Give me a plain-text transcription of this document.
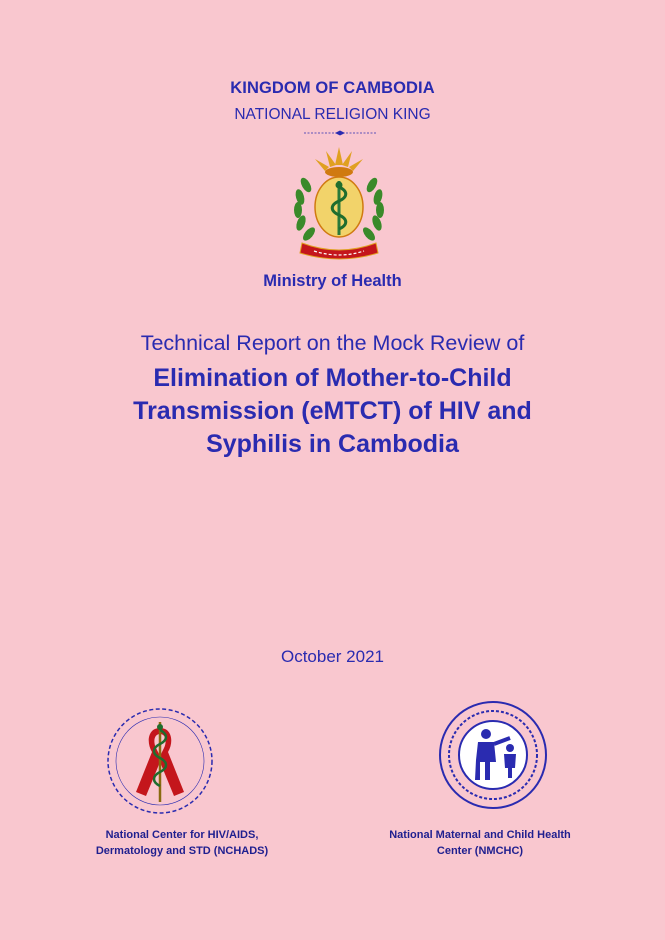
KINGDOM OF CAMBODIA
NATIONAL RELIGION KING
Ministry of Health
Technical Report on the Mock Review of
Elimination of Mother-to-Child
Transmission (eMTCT) of HIV and
Syphilis in Cambodia
October 2021
National Center for HIV/AIDS,
Dermatology and STD (NCHADS)
National Maternal and Child Health
Center (NMCHC)
